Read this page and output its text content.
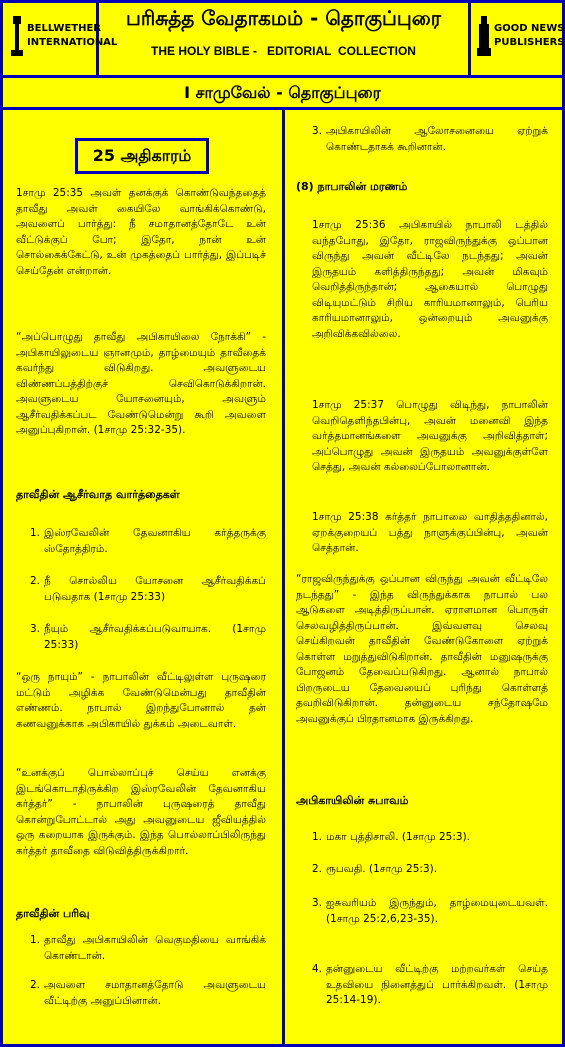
BELLWETHER
INTERNATIONAL
பரிசுத்த வேதாகமம் - தொகுப்புரை
THE HOLY BIBLE -   EDITORIAL  COLLECTION
GOOD NEWS
PUBLISHERS
I சாமுவேல் - தொகுப்புரை
25 அதிகாரம்
1சாமு 25:35 அவள் தனக்குக் கொண்டுவந்ததைத் தாவீது அவள் கையிலே வாங்கிக்கொண்டு, அவளைப் பார்த்து: நீ சமாதானத்தோடே உன் வீட்டுக்குப் போ; இதோ, நான் உன் சொல்கைக்கேட்டு, உன் முகத்தைப் பார்த்து, இப்படிச் செய்தேன் என்றான்.
“அப்பொழுது தாவீது அபிகாயிலை நோக்கி” - அபிகாயிலுடைய ஞானமும், தாழ்மையும் தாவீதைக் கவர்ந்து விடுகிறது. அவளுடைய விண்ணப்பத்திற்குச் செவிகொடுக்கிறான். அவளுடைய யோசனையும், அவளும் ஆசீர்வதிக்கப்பட வேண்டுமென்று கூறி அவளை அனுப்புகிறான். (1சாமு 25:32-35).
தாவீதின் ஆசீர்வாத வார்த்தைகள்
1. இஸ்ரவேலின் தேவனாகிய கர்த்தருக்கு ஸ்தோத்திரம்.
2. நீ சொல்லிய யோசனை ஆசீர்வதிக்கப் படுவதாக (1சாமு 25:33)
3. நீயும் ஆசீர்வதிக்கப்படுவாயாக. (1சாமு 25:33)
“ஒரு நாயும்” - நாபாலின் வீட்டிலுள்ள புருஷரை மட்டும் அழிக்க வேண்டுமென்பது தாவீதின் எண்ணம். நாபால் இறந்துபோனால் தன் கணவனுக்காக அபிகாயில் துக்கம் அடைவாள்.
“உனக்குப் பொல்லாப்புச் செய்ய எனக்கு இடங்கொடாதிருக்கிற இஸ்ரவேலின் தேவனாகிய கர்த்தர்” - நாபாலின் புருஷரைத் தாவீது கொன்றுபோட்டால் அது அவனுடைய ஜீவியத்தில் ஒரு கறையாக இருக்கும். இந்த பொல்லாப்பிலிருந்து கர்த்தர் தாவீதை விடுவித்திருக்கிறார்.
தாவீதின் பரிவு
1. தாவீது அபிகாயிலின் வெகுமதியை வாங்கிக் கொண்டான்.
2. அவளை சமாதானத்தோடு அவளுடைய வீட்டிற்கு அனுப்பினான்.
3. அபிகாயிலின் ஆலோசனையை ஏற்றுக் கொண்டதாகக் கூறினான்.
(8) நாபாலின் மரணம்
1சாமு 25:36 அபிகாயில் நாபாலி டத்தில் வந்தபோது, இதோ, ராஜவிருந்துக்கு ஒப்பான விருந்து அவன் வீட்டிலே நடந்தது; அவன் இருதயம் களித்திருந்தது; அவன் மிகவும் வெறித்திருந்தான்; ஆகையால் பொழுது விடியுமட்டும் சிறிய காரியமானாலும், பெரிய காரியமானாலும், ஒன்றையும் அவனுக்கு அறிவிக்கவில்லை.
1சாமு 25:37 பொழுது விடிந்து, நாபாலின் வெறிதெளிந்தபின்பு, அவன் மனைவி இந்த வர்த்தமானங்களை அவனுக்கு அறிவித்தாள்; அப்பொழுது அவன் இருதயம் அவனுக்குள்ளே செத்து, அவன் கல்லைப்போலானான்.
1சாமு 25:38 கர்த்தர் நாபாலை வாதித்ததினால், ஏறக்குறையப் பத்து நாளுக்குப்பின்பு, அவன் செத்தான்.
“ராஜவிருந்துக்கு ஒப்பான விருந்து அவன் வீட்டிலே நடந்தது” - இந்த விருந்துக்காக நாபால் பல ஆடுகளை அடித்திருப்பான். ஏராளமான பொருள் செலவழித்திருப்பான். இவ்வளவு செலவு செய்கிறவன் தாவீதின் வேண்டுகோளை ஏற்றுக் கொள்ள மறுத்துவிடுகிறான். தாவீதின் மனுஷருக்கு போஜனம் தேவைப்படுகிறது. ஆனால் நாபால் பிறருடைய தேவையைப் புரிந்து கொள்ளத் தவறிவிடுகிறான். தன்னுடைய சந்தோஷமே அவனுக்குப் பிரதானமாக இருக்கிறது.
அபிகாயிலின் சுபாவம்
1. மகா புத்திசாலி. (1சாமு 25:3).
2. ரூபவதி. (1சாமு 25:3).
3. ஐசுவரியம் இருந்தும், தாழ்மையுடையவள். (1சாமு 25:2,6,23-35).
4. தன்னுடைய வீட்டிற்கு மற்றவர்கள் செய்த உதவியை நினைத்துப் பார்க்கிறவள். (1சாமு 25:14-19).
